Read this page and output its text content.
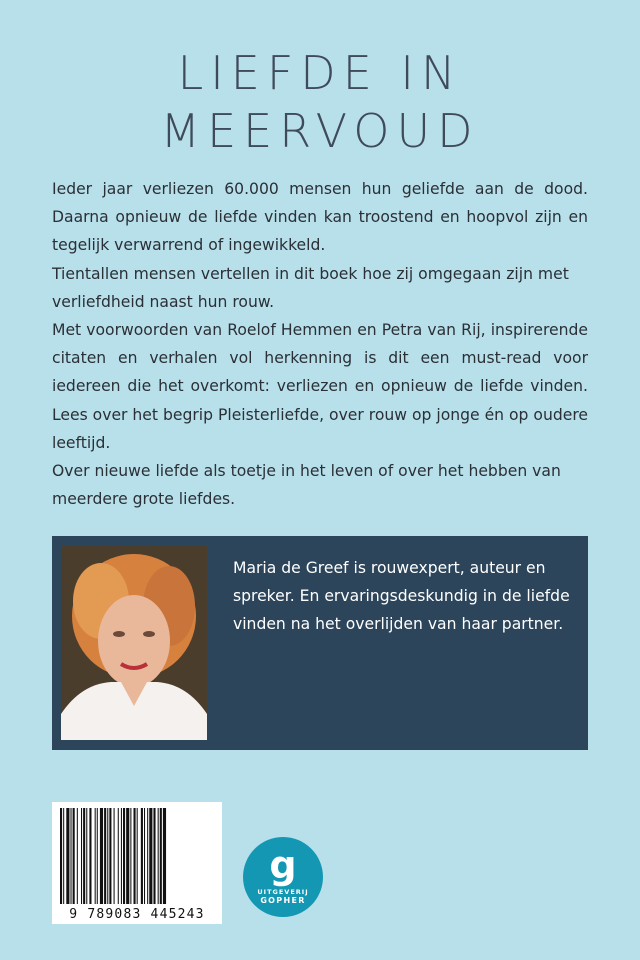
LIEFDE IN
MEERVOUD

Ieder jaar verliezen 60.000 mensen hun geliefde aan de dood. Daarna opnieuw de liefde vinden kan troostend en hoopvol zijn en tegelijk verwarrend of ingewikkeld.

Tientallen mensen vertellen in dit boek hoe zij omgegaan zijn met verliefdheid naast hun rouw.

Met voorwoorden van Roelof Hemmen en Petra van Rij, inspirerende citaten en verhalen vol herkenning is dit een must-read voor iedereen die het overkomt: verliezen en opnieuw de liefde vinden. Lees over het begrip Pleisterliefde, over rouw op jonge én op oudere leeftijd.

Over nieuwe liefde als toetje in het leven of over het hebben van meerdere grote liefdes.

Maria de Greef is rouwexpert, auteur en spreker. En ervaringsdeskundig in de liefde vinden na het overlijden van haar partner.

9 789083 445243
g
UITGEVERIJ
GOPHER
